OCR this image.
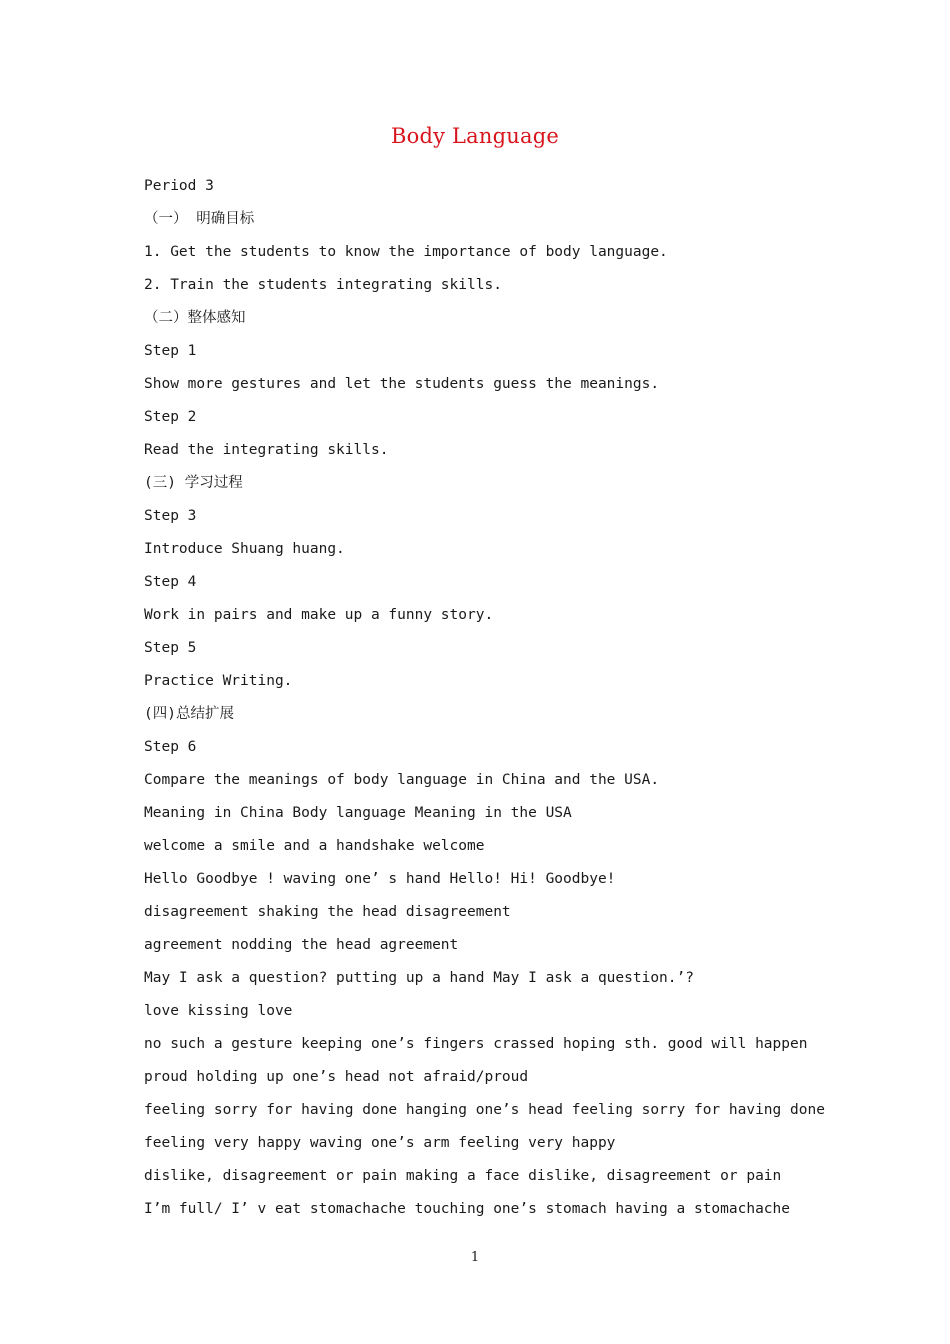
Body Language
Period 3
（一） 明确目标
1. Get the students to know the importance of body language.
2. Train the students integrating skills.
（二）整体感知
Step 1
Show more gestures and let the students guess the meanings.
Step 2
Read the integrating skills.
(三) 学习过程
Step 3
Introduce Shuang huang.
Step 4
Work in pairs and make up a funny story.
Step 5
Practice Writing.
(四)总结扩展
Step 6
Compare the meanings of body language in China and the USA.
Meaning in China Body language Meaning in the USA
welcome a smile and a handshake welcome
Hello Goodbye ! waving one’ s hand Hello! Hi! Goodbye!
disagreement shaking the head disagreement
agreement nodding the head agreement
May I ask a question? putting up a hand May I ask a question.’?
love kissing love
no such a gesture keeping one’s fingers crassed hoping sth. good will happen
proud holding up one’s head not afraid/proud
feeling sorry for having done hanging one’s head feeling sorry for having done
feeling very happy waving one’s arm feeling very happy
dislike, disagreement or pain making a face dislike, disagreement or pain
I’m full/ I’ v eat stomachache touching one’s stomach having a stomachache
1
